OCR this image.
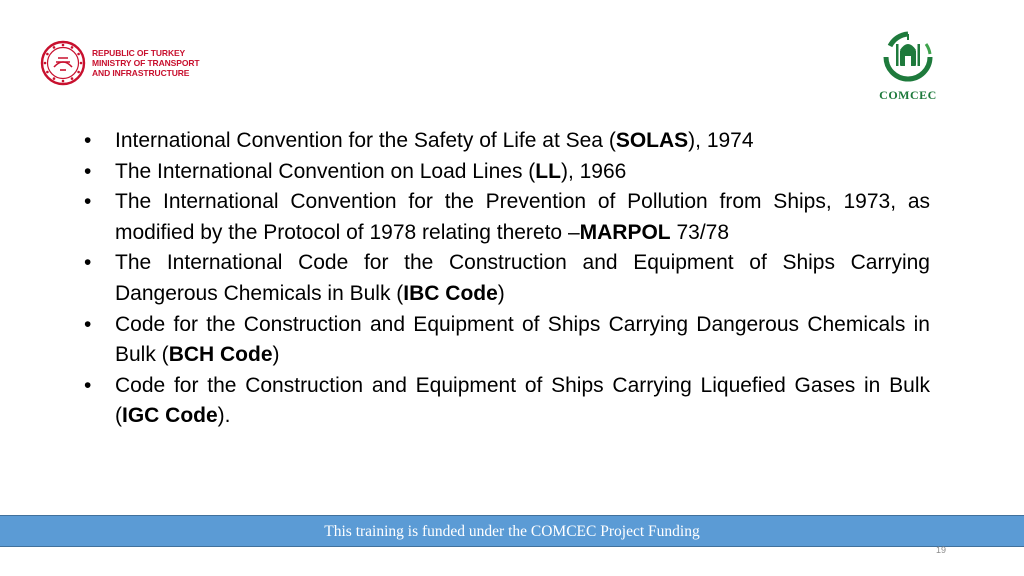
REPUBLIC OF TURKEY
MINISTRY OF TRANSPORT
AND INFRASTRUCTURE
COMCEC
• International Convention for the Safety of Life at Sea (SOLAS), 1974
• The International Convention on Load Lines (LL), 1966
• The International Convention for the Prevention of Pollution from Ships, 1973, as modified by the Protocol of 1978 relating thereto –MARPOL 73/78
• The International Code for the Construction and Equipment of Ships Carrying Dangerous Chemicals in Bulk (IBC Code)
• Code for the Construction and Equipment of Ships Carrying Dangerous Chemicals in Bulk (BCH Code)
• Code for the Construction and Equipment of Ships Carrying Liquefied Gases in Bulk (IGC Code).
This training is funded under the COMCEC Project Funding
19
